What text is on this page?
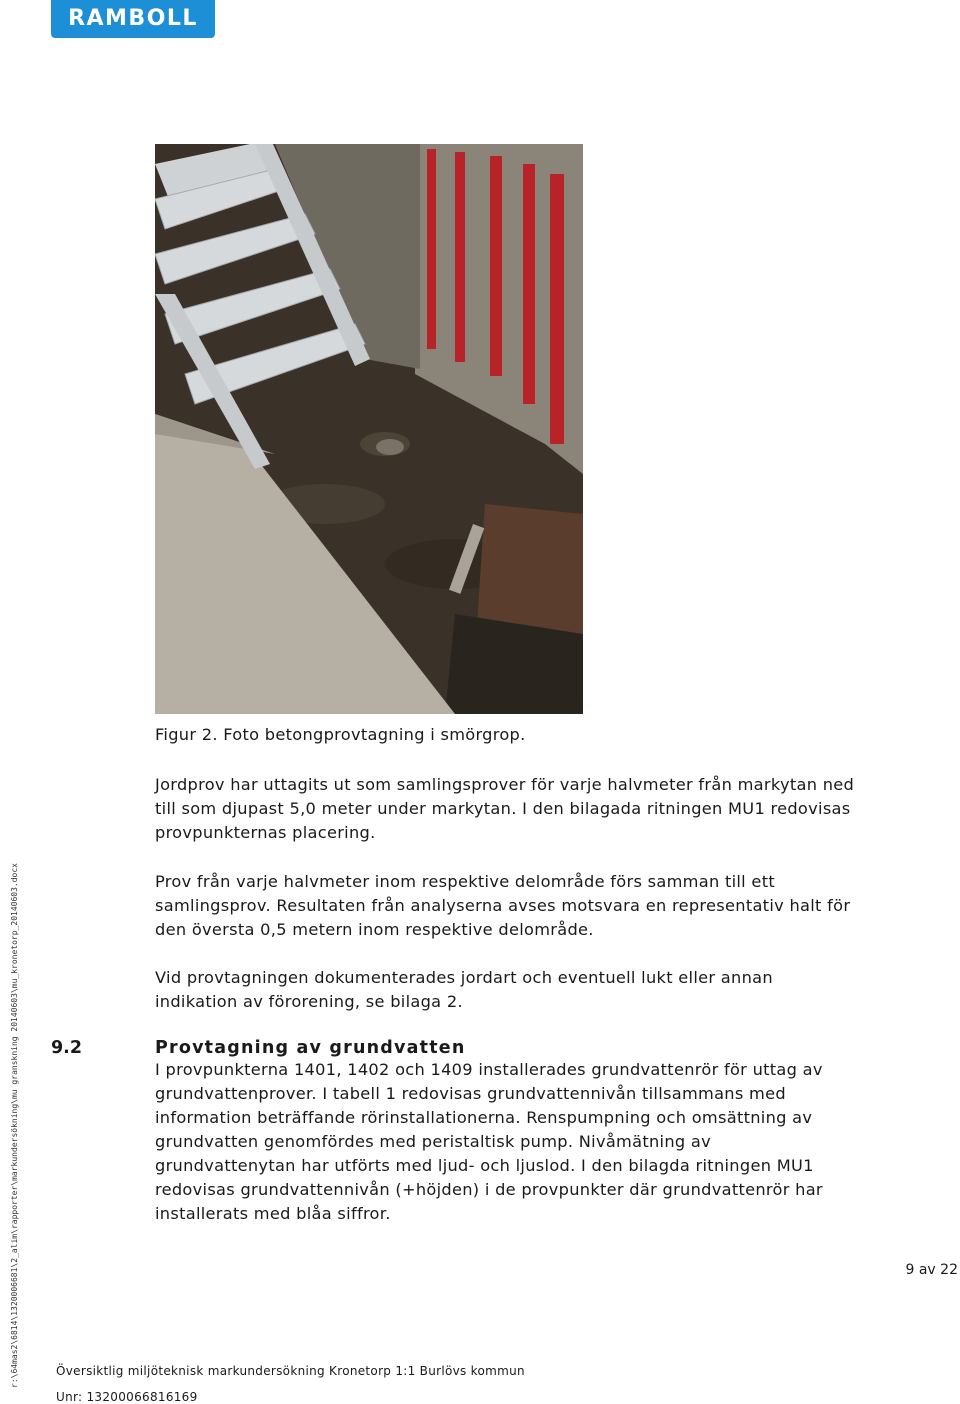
RAMBOLL

Figur 2. Foto betongprovtagning i smörgrop.

Jordprov har uttagits ut som samlingsprover för varje halvmeter från markytan ned till som djupast 5,0 meter under markytan. I den bilagada ritningen MU1 redovisas provpunkternas placering.

Prov från varje halvmeter inom respektive delområde förs samman till ett samlingsprov. Resultaten från analyserna avses motsvara en representativ halt för den översta 0,5 metern inom respektive delområde.

Vid provtagningen dokumenterades jordart och eventuell lukt eller annan indikation av förorening, se bilaga 2.

9.2	Provtagning av grundvatten

I provpunkterna 1401, 1402 och 1409 installerades grundvattenrör för uttag av grundvattenprover. I tabell 1 redovisas grundvattennivån tillsammans med information beträffande rörinstallationerna. Renspumpning och omsättning av grundvatten genomfördes med peristaltisk pump. Nivåmätning av grundvattenytan har utförts med ljud- och ljuslod. I den bilagda ritningen MU1 redovisas grundvattennivån (+höjden) i de provpunkter där grundvattenrör har installerats med blåa siffror.

9 av 22
Översiktlig miljöteknisk markundersökning Kronetorp 1:1 Burlövs kommun
Unr: 13200066816169
r:\64mas2\6814\1320006681\2_alim\rapporter\markundersökning\mu granskning 20140603\mu_kronetorp_20140603.docx
